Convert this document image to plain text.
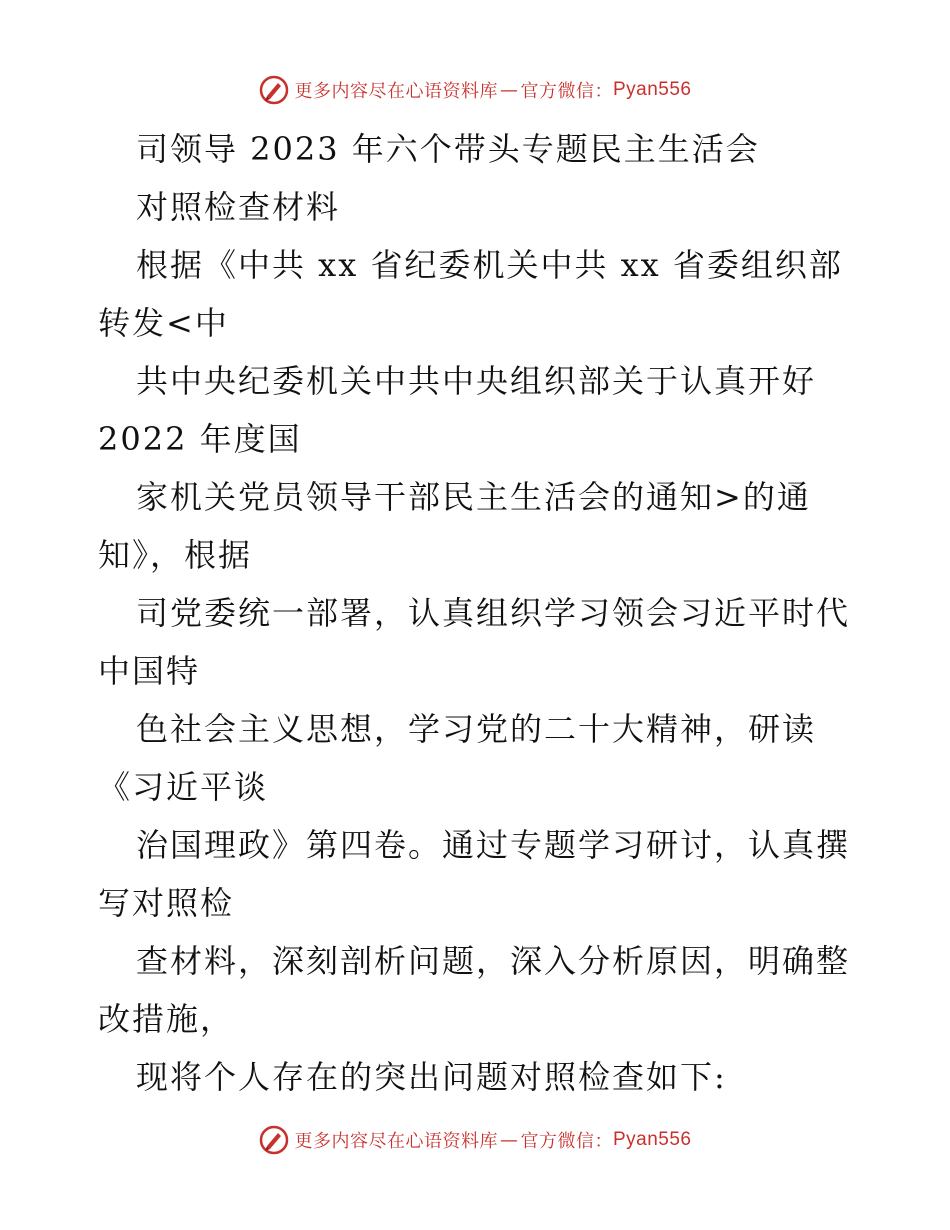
更多内容尽在心语资料库 — 官方微信： Pyan556
司领导 2023 年六个带头专题民主生活会
对照检查材料
根据《中共 xx 省纪委机关中共 xx 省委组织部
转发<中
共中央纪委机关中共中央组织部关于认真开好
2022 年度国
家机关党员领导干部民主生活会的通知>的通
知》，根据
司党委统一部署，认真组织学习领会习近平时代
中国特
色社会主义思想，学习党的二十大精神，研读
《习近平谈
治国理政》第四卷。通过专题学习研讨，认真撰
写对照检
查材料，深刻剖析问题，深入分析原因，明确整
改措施，
现将个人存在的突出问题对照检查如下:
更多内容尽在心语资料库 — 官方微信： Pyan556
